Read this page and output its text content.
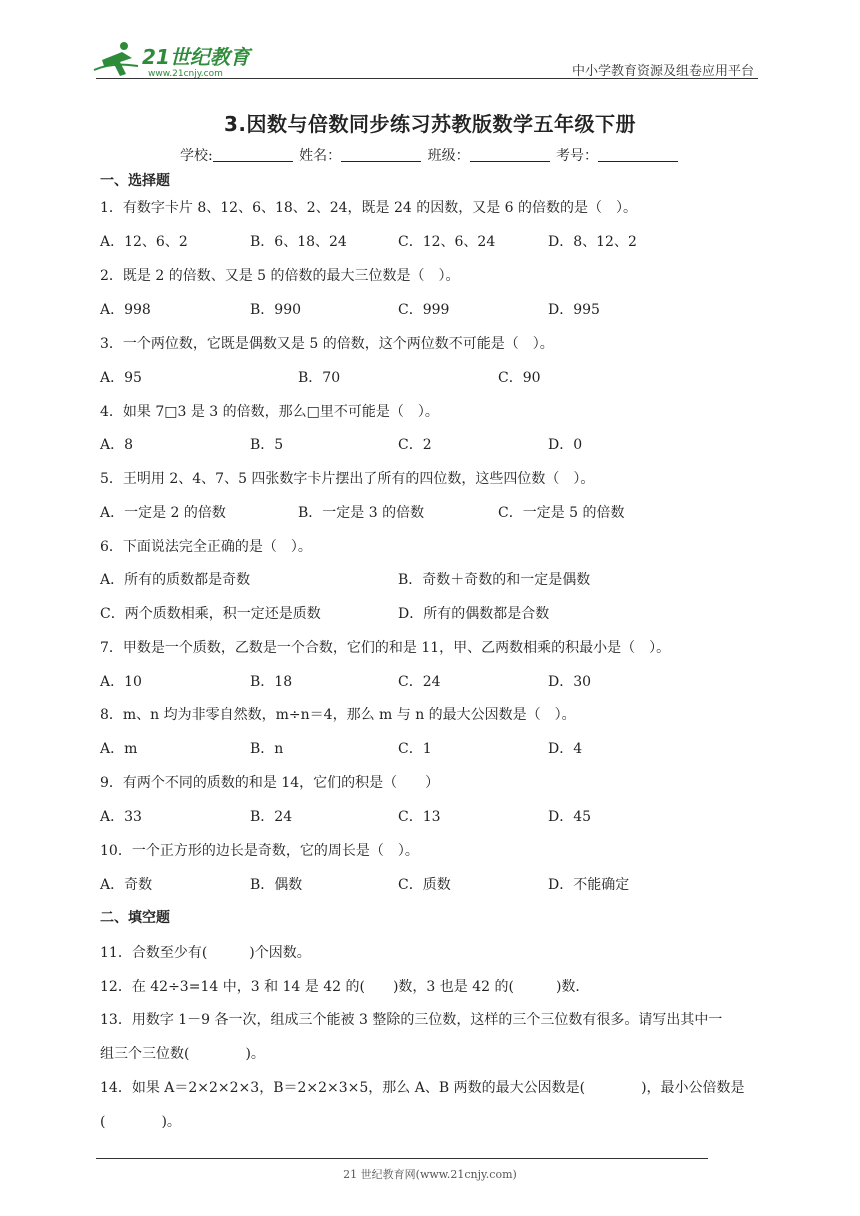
21世纪教育
www.21cnjy.com	中小学教育资源及组卷应用平台
3.因数与倍数同步练习苏教版数学五年级下册
学校:	姓名：	班级：	考号：
一、选择题
1．有数字卡片 8、12、6、18、2、24，既是 24 的因数，又是 6 的倍数的是（　）。
A．12、6、2	B．6、18、24	C．12、6、24	D．8、12、2
2．既是 2 的倍数、又是 5 的倍数的最大三位数是（　）。
A．998	B．990	C．999	D．995
3．一个两位数，它既是偶数又是 5 的倍数，这个两位数不可能是（　）。
A．95	B．70	C．90
4．如果 7□3 是 3 的倍数，那么□里不可能是（　）。
A．8	B．5	C．2	D．0
5．王明用 2、4、7、5 四张数字卡片摆出了所有的四位数，这些四位数（　）。
A．一定是 2 的倍数	B．一定是 3 的倍数	C．一定是 5 的倍数
6．下面说法完全正确的是（　）。
A．所有的质数都是奇数	B．奇数＋奇数的和一定是偶数
C．两个质数相乘，积一定还是质数	D．所有的偶数都是合数
7．甲数是一个质数，乙数是一个合数，它们的和是 11，甲、乙两数相乘的积最小是（　）。
A．10	B．18	C．24	D．30
8．m、n 均为非零自然数，m÷n＝4，那么 m 与 n 的最大公因数是（　）。
A．m	B．n	C．1	D．4
9．有两个不同的质数的和是 14，它们的积是（　　）
A．33	B．24	C．13	D．45
10．一个正方形的边长是奇数，它的周长是（　）。
A．奇数	B．偶数	C．质数	D．不能确定
二、填空题
11．合数至少有(　　　)个因数。
12．在 42÷3=14 中，3 和 14 是 42 的(　　)数，3 也是 42 的(　　　)数．
13．用数字 1－9 各一次，组成三个能被 3 整除的三位数，这样的三个三位数有很多。请写出其中一
组三个三位数(　　　　)。
14．如果 A＝2×2×2×3，B＝2×2×3×5，那么 A、B 两数的最大公因数是(　　　　)，最小公倍数是
(　　　　)。
21 世纪教育网(www.21cnjy.com)
